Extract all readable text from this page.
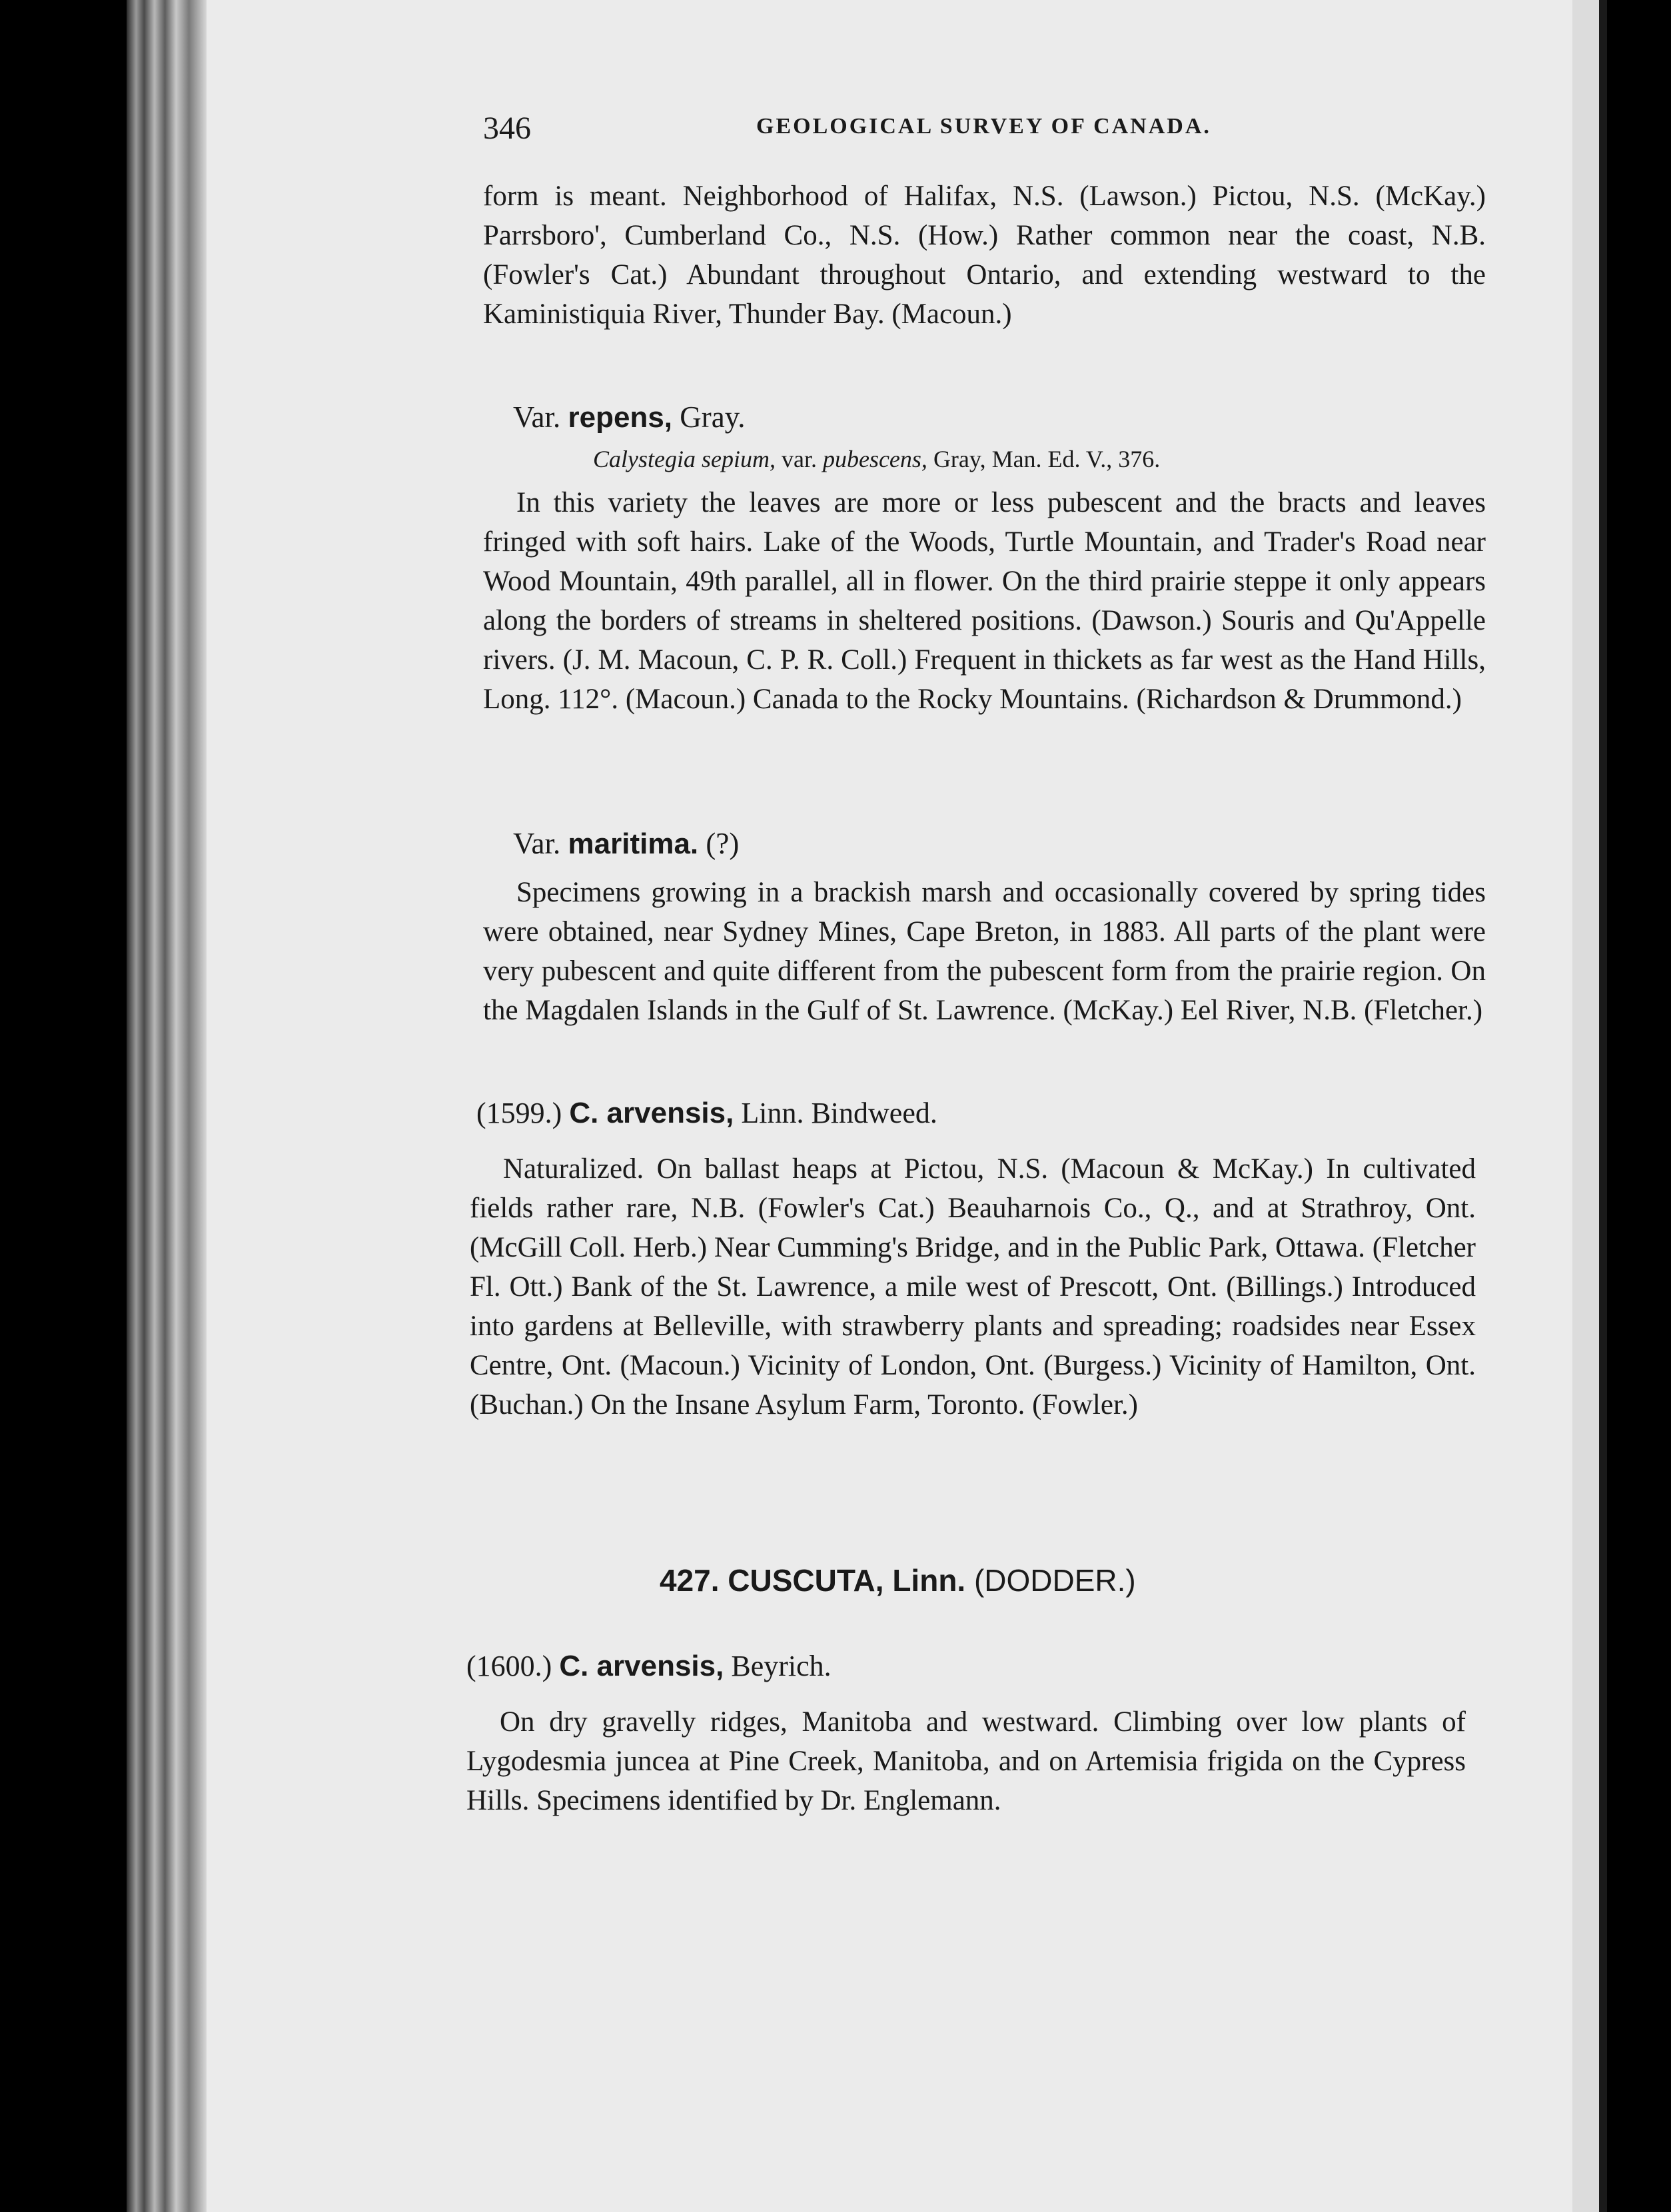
346	GEOLOGICAL SURVEY OF CANADA.
form is meant. Neighborhood of Halifax, N.S. (Lawson.) Pictou, N.S. (McKay.) Parrsboro', Cumberland Co., N.S. (How.) Rather common near the coast, N.B. (Fowler's Cat.) Abundant throughout Ontario, and extending westward to the Kaministiquia River, Thunder Bay. (Macoun.)
Var. repens, Gray.
Calystegia sepium, var. pubescens, Gray, Man. Ed. V., 376.
In this variety the leaves are more or less pubescent and the bracts and leaves fringed with soft hairs. Lake of the Woods, Turtle Mountain, and Trader's Road near Wood Mountain, 49th parallel, all in flower. On the third prairie steppe it only appears along the borders of streams in sheltered positions. (Dawson.) Souris and Qu'Appelle rivers. (J. M. Macoun, C. P. R. Coll.) Frequent in thickets as far west as the Hand Hills, Long. 112°. (Macoun.) Canada to the Rocky Mountains. (Richardson & Drummond.)
Var. maritima. (?)
Specimens growing in a brackish marsh and occasionally covered by spring tides were obtained, near Sydney Mines, Cape Breton, in 1883. All parts of the plant were very pubescent and quite different from the pubescent form from the prairie region. On the Magdalen Islands in the Gulf of St. Lawrence. (McKay.) Eel River, N.B. (Fletcher.)
(1599.) C. arvensis, Linn. Bindweed.
Naturalized. On ballast heaps at Pictou, N.S. (Macoun & McKay.) In cultivated fields rather rare, N.B. (Fowler's Cat.) Beauharnois Co., Q., and at Strathroy, Ont. (McGill Coll. Herb.) Near Cumming's Bridge, and in the Public Park, Ottawa. (Fletcher Fl. Ott.) Bank of the St. Lawrence, a mile west of Prescott, Ont. (Billings.) Introduced into gardens at Belleville, with strawberry plants and spreading; roadsides near Essex Centre, Ont. (Macoun.) Vicinity of London, Ont. (Burgess.) Vicinity of Hamilton, Ont. (Buchan.) On the Insane Asylum Farm, Toronto. (Fowler.)
427. CUSCUTA, Linn. (DODDER.)
(1600.) C. arvensis, Beyrich.
On dry gravelly ridges, Manitoba and westward. Climbing over low plants of Lygodesmia juncea at Pine Creek, Manitoba, and on Artemisia frigida on the Cypress Hills. Specimens identified by Dr. Englemann.
